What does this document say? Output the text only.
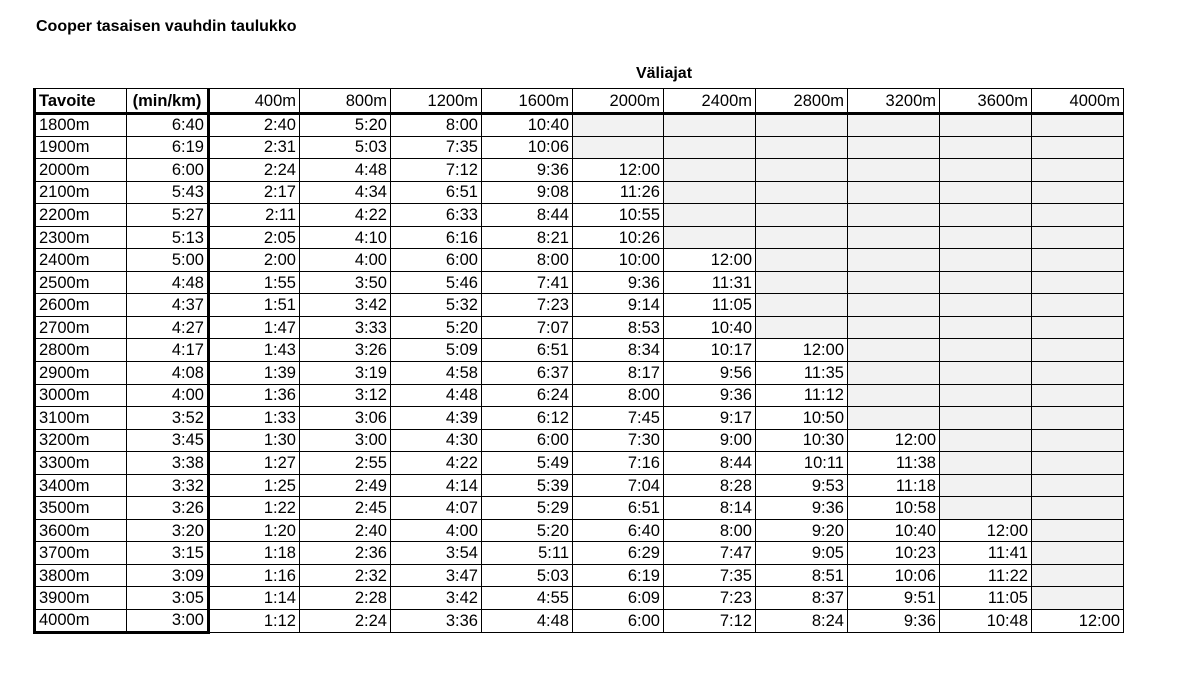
Cooper tasaisen vauhdin taulukko
Väliajat
Tavoite	(min/km)	400m	800m	1200m	1600m	2000m	2400m	2800m	3200m	3600m	4000m
1800m	6:40	2:40	5:20	8:00	10:40						
1900m	6:19	2:31	5:03	7:35	10:06						
2000m	6:00	2:24	4:48	7:12	9:36	12:00					
2100m	5:43	2:17	4:34	6:51	9:08	11:26					
2200m	5:27	2:11	4:22	6:33	8:44	10:55					
2300m	5:13	2:05	4:10	6:16	8:21	10:26					
2400m	5:00	2:00	4:00	6:00	8:00	10:00	12:00				
2500m	4:48	1:55	3:50	5:46	7:41	9:36	11:31				
2600m	4:37	1:51	3:42	5:32	7:23	9:14	11:05				
2700m	4:27	1:47	3:33	5:20	7:07	8:53	10:40				
2800m	4:17	1:43	3:26	5:09	6:51	8:34	10:17	12:00			
2900m	4:08	1:39	3:19	4:58	6:37	8:17	9:56	11:35			
3000m	4:00	1:36	3:12	4:48	6:24	8:00	9:36	11:12			
3100m	3:52	1:33	3:06	4:39	6:12	7:45	9:17	10:50			
3200m	3:45	1:30	3:00	4:30	6:00	7:30	9:00	10:30	12:00		
3300m	3:38	1:27	2:55	4:22	5:49	7:16	8:44	10:11	11:38		
3400m	3:32	1:25	2:49	4:14	5:39	7:04	8:28	9:53	11:18		
3500m	3:26	1:22	2:45	4:07	5:29	6:51	8:14	9:36	10:58		
3600m	3:20	1:20	2:40	4:00	5:20	6:40	8:00	9:20	10:40	12:00	
3700m	3:15	1:18	2:36	3:54	5:11	6:29	7:47	9:05	10:23	11:41	
3800m	3:09	1:16	2:32	3:47	5:03	6:19	7:35	8:51	10:06	11:22	
3900m	3:05	1:14	2:28	3:42	4:55	6:09	7:23	8:37	9:51	11:05	
4000m	3:00	1:12	2:24	3:36	4:48	6:00	7:12	8:24	9:36	10:48	12:00
